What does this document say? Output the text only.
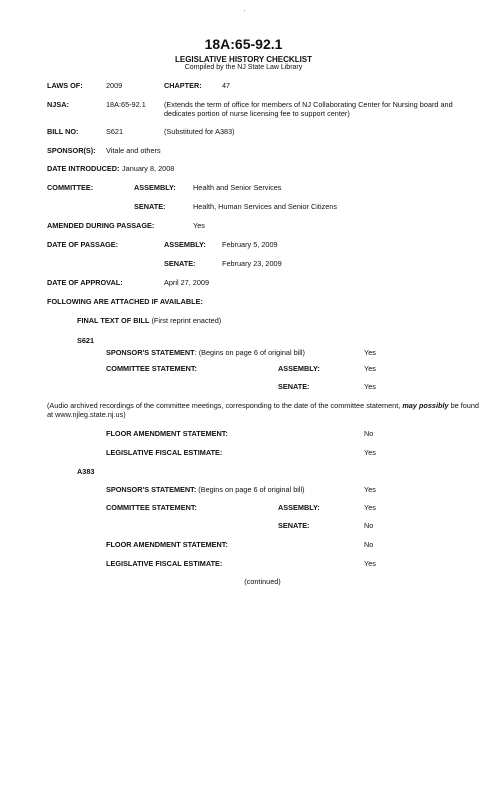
18A:65-92.1
LEGISLATIVE HISTORY CHECKLIST
Compiled by the NJ State Law Library
LAWS OF:	2009	CHAPTER:	47
NJSA:	18A:65-92.1 (Extends the term of office for members of NJ Collaborating Center for Nursing board and dedicates portion of nurse licensing fee to support center)
BILL NO:	S621	(Substituted for A383)
SPONSOR(S): Vitale and others
DATE INTRODUCED: January 8, 2008
COMMITTEE:	ASSEMBLY: Health and Senior Services
SENATE:	Health, Human Services and Senior Citizens
AMENDED DURING PASSAGE:	Yes
DATE OF PASSAGE:	ASSEMBLY: February 5, 2009
SENATE:	February 23, 2009
DATE OF APPROVAL:	April 27, 2009
FOLLOWING ARE ATTACHED IF AVAILABLE:
FINAL TEXT OF BILL (First reprint enacted)
S621
SPONSOR'S STATEMENT: (Begins on page 6 of original bill)	Yes
COMMITTEE STATEMENT:	ASSEMBLY:	Yes
SENATE:	Yes
(Audio archived recordings of the committee meetings, corresponding to the date of the committee statement, may possibly be found at www.njleg.state.nj.us)
FLOOR AMENDMENT STATEMENT:	No
LEGISLATIVE FISCAL ESTIMATE:	Yes
A383
SPONSOR'S STATEMENT: (Begins on page 6 of original bill)	Yes
COMMITTEE STATEMENT:	ASSEMBLY:	Yes
SENATE:	No
FLOOR AMENDMENT STATEMENT:	No
LEGISLATIVE FISCAL ESTIMATE:	Yes
(continued)
